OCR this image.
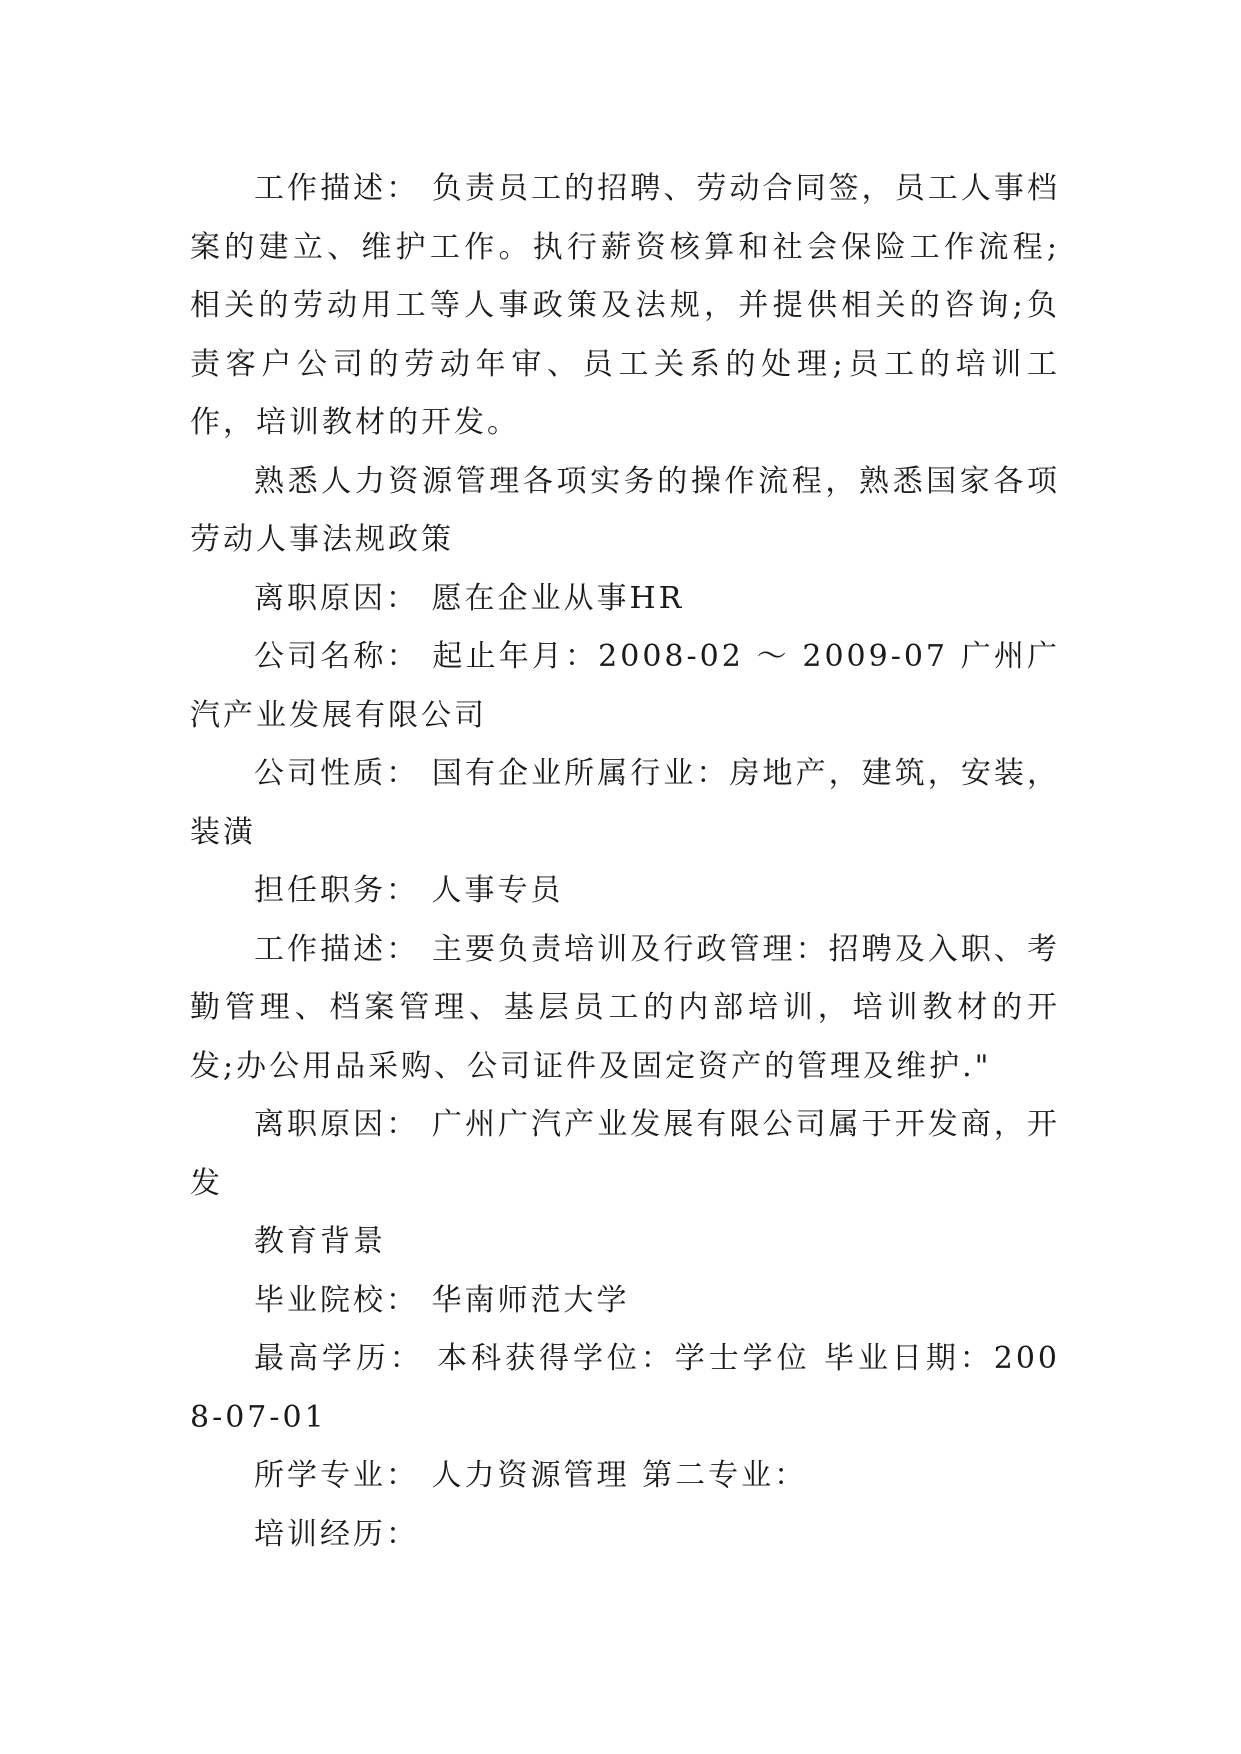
工作描述： 负责员工的招聘、劳动合同签，员工人事档案的建立、维护工作。执行薪资核算和社会保险工作流程;相关的劳动用工等人事政策及法规，并提供相关的咨询;负责客户公司的劳动年审、员工关系的处理;员工的培训工作，培训教材的开发。

熟悉人力资源管理各项实务的操作流程，熟悉国家各项劳动人事法规政策

离职原因： 愿在企业从事HR

公司名称： 起止年月：2008-02 ～ 2009-07 广州广汽产业发展有限公司

公司性质： 国有企业所属行业：房地产，建筑，安装，装潢

担任职务： 人事专员

工作描述： 主要负责培训及行政管理：招聘及入职、考勤管理、档案管理、基层员工的内部培训，培训教材的开发;办公用品采购、公司证件及固定资产的管理及维护."

离职原因： 广州广汽产业发展有限公司属于开发商，开发

教育背景

毕业院校： 华南师范大学

最高学历： 本科获得学位：学士学位 毕业日期：2008-07-01

所学专业： 人力资源管理 第二专业：

培训经历：
